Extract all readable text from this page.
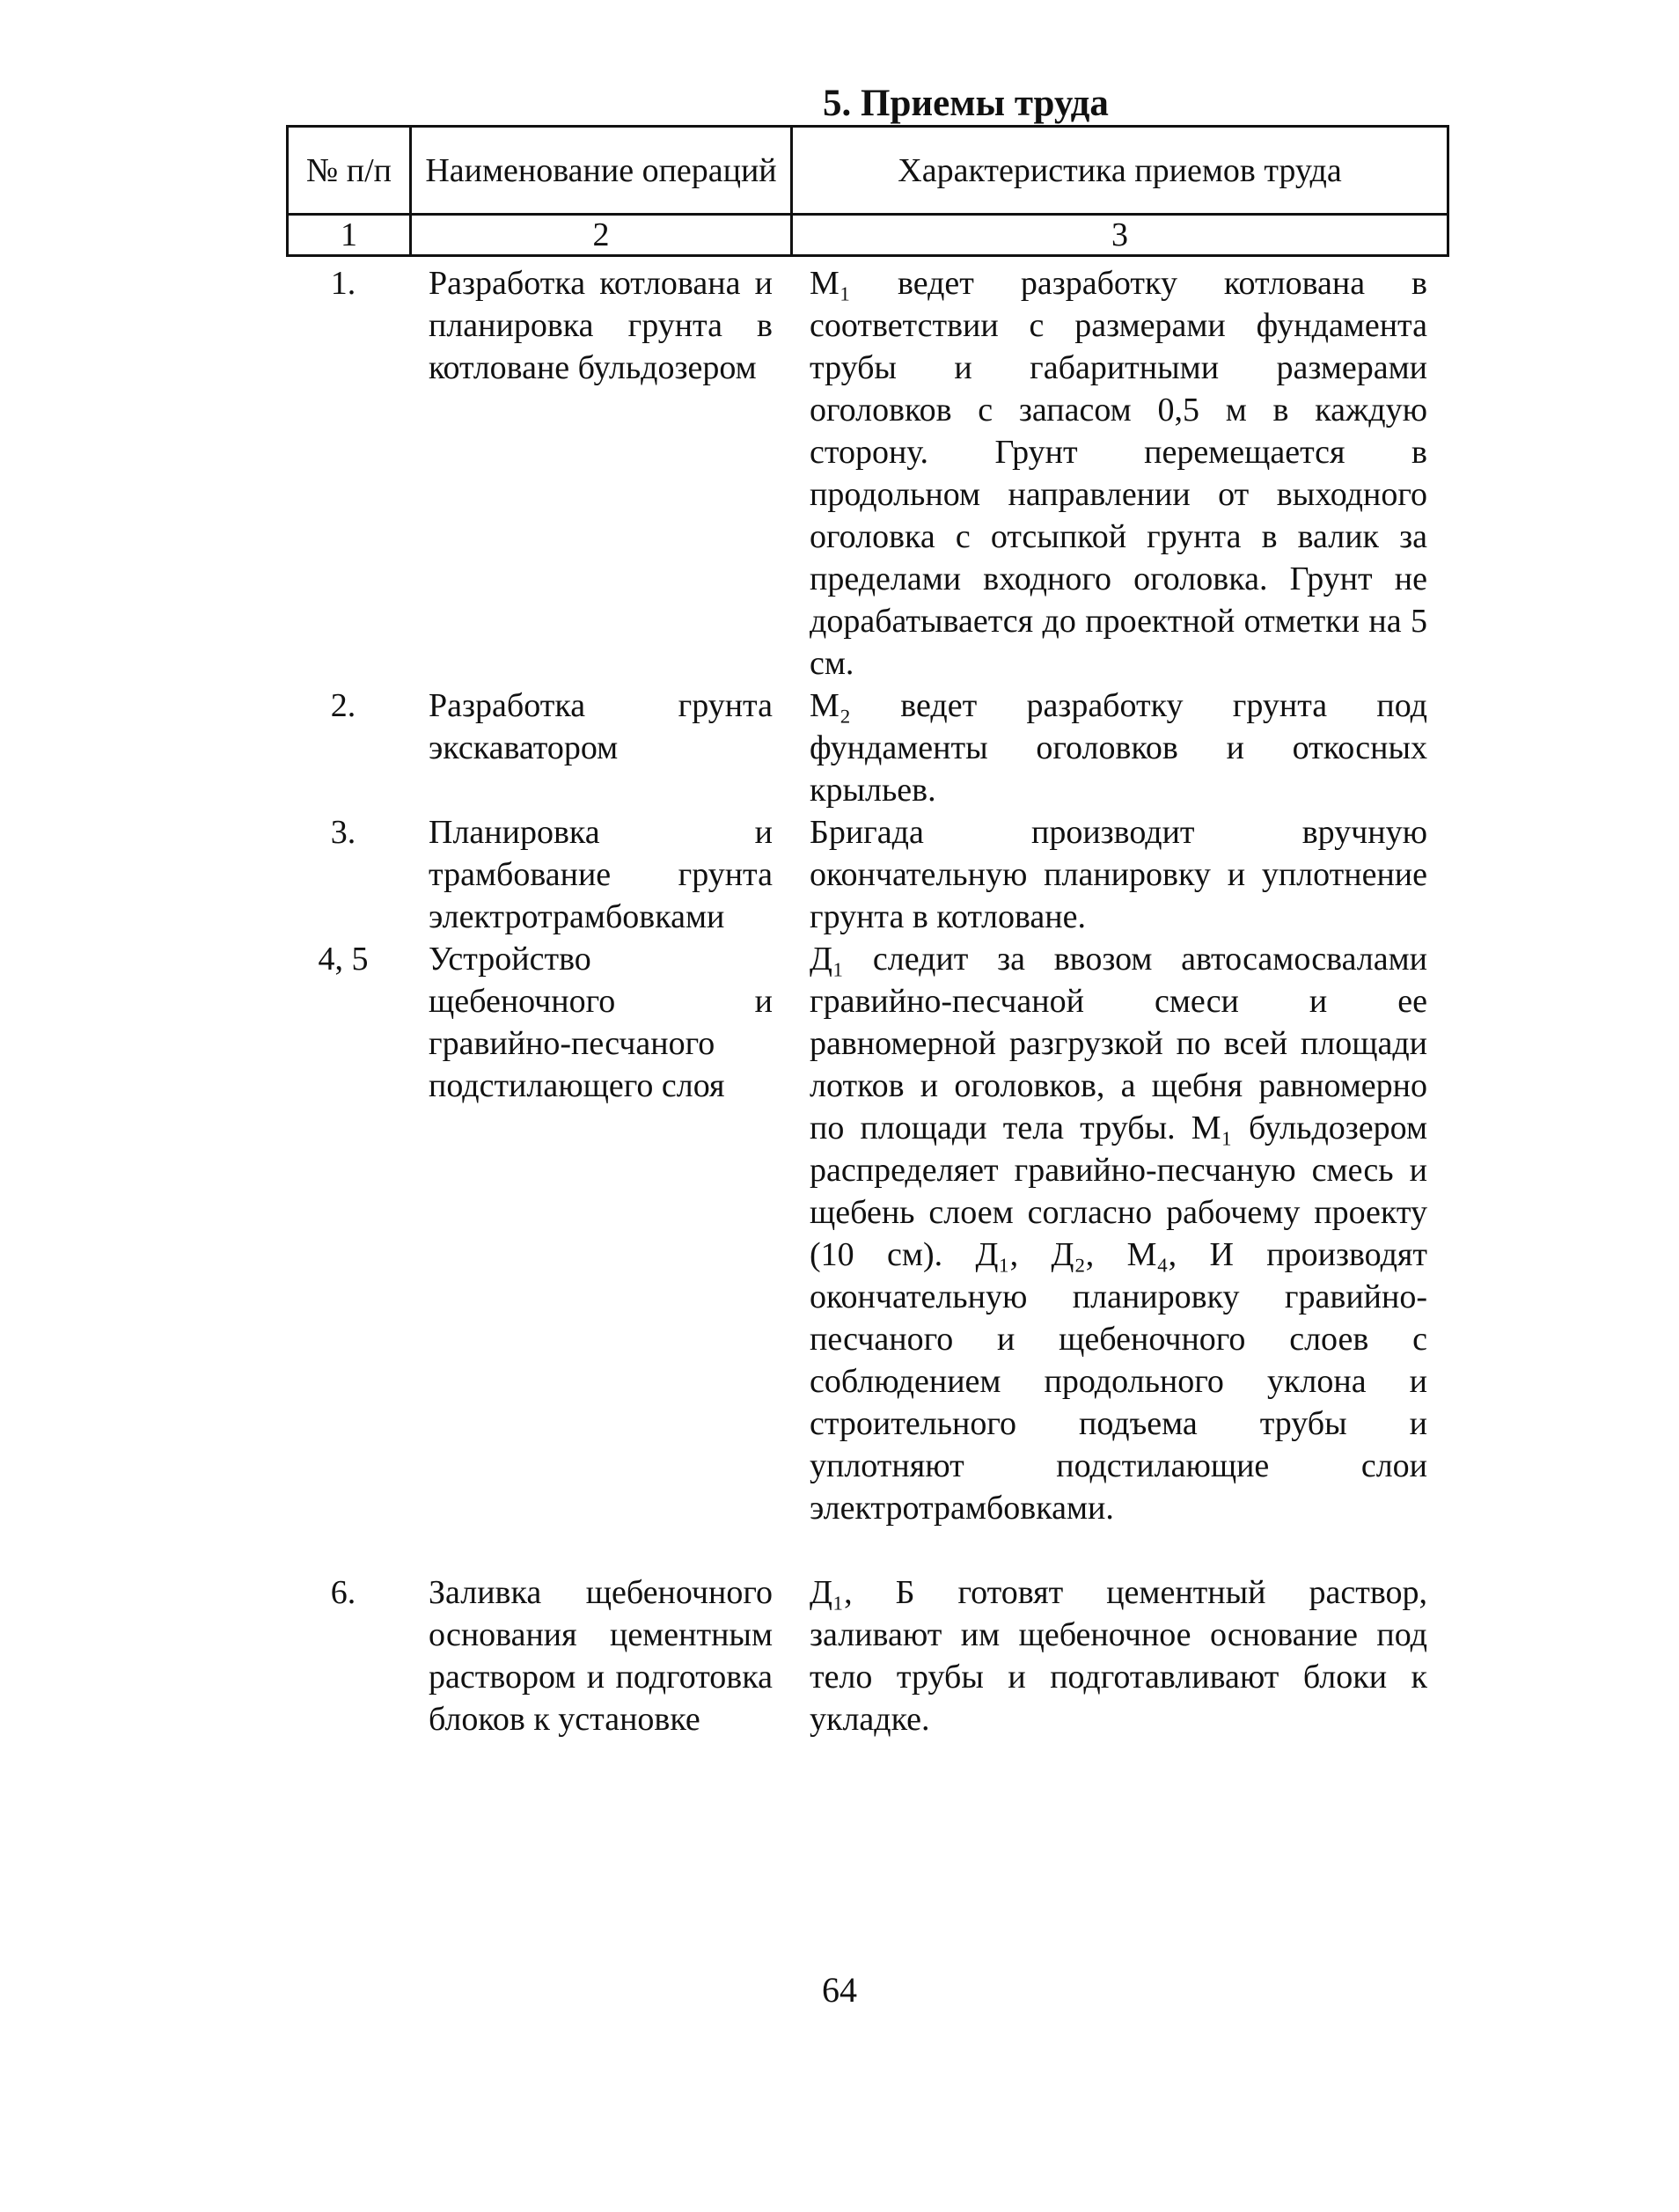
5. Приемы труда
№ п/п	Наименование операций	Характеристика приемов труда
1	2	3
1.	Разработка котлована и планировка грунта в котловане бульдозером	M₁ ведет разработку котлована в соответствии с размерами фундамента трубы и габаритными размерами оголовков с запасом 0,5 м в каждую сторону. Грунт перемещается в продольном направлении от выходного оголовка с отсыпкой грунта в валик за пределами входного оголовка. Грунт не дорабатывается до проектной отметки на 5 см.
2.	Разработка грунта экскаватором	M₂ ведет разработку грунта под фундаменты оголовков и откосных крыльев.
3.	Планировка и трамбование грунта электротрамбовками	Бригада производит вручную окончательную планировку и уплотнение грунта в котловане.
4, 5	Устройство щебеночного и гравийно-песчаного подстилающего слоя	Д₁ следит за ввозом автосамосвалами гравийно-песчаной смеси и ее равномерной разгрузкой по всей площади лотков и оголовков, а щебня равномерно по площади тела трубы. М₁ бульдозером распределяет гравийно-песчаную смесь и щебень слоем согласно рабочему проекту (10 см). Д₁, Д₂, М₄, И производят окончательную планировку гравийно-песчаного и щебеночного слоев с соблюдением продольного уклона и строительного подъема трубы и уплотняют подстилающие слои электротрамбовками.
6.	Заливка щебеночного основания цементным раствором и подготовка блоков к установке	Д₁, Б готовят цементный раствор, заливают им щебеночное основание под тело трубы и подготавливают блоки к укладке.

64
